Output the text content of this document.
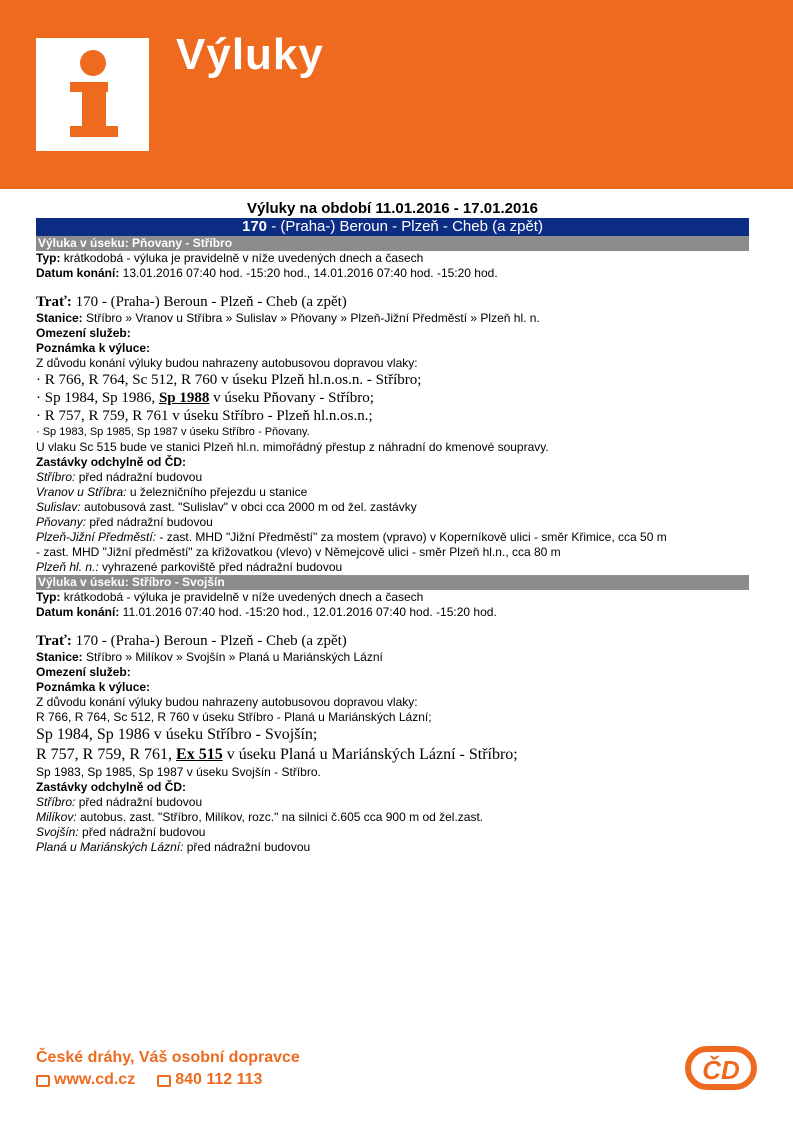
Výluky
Výluky na období 11.01.2016 - 17.01.2016
170 - (Praha-) Beroun - Plzeň - Cheb (a zpět)
Výluka v úseku: Pňovany - Stříbro
Typ: krátkodobá - výluka je pravidelně v níže uvedených dnech a časech
Datum konání: 13.01.2016 07:40 hod. -15:20 hod., 14.01.2016 07:40 hod. -15:20 hod.
Trať: 170 - (Praha-) Beroun - Plzeň - Cheb (a zpět)
Stanice: Stříbro » Vranov u Stříbra » Sulislav » Pňovany » Plzeň-Jižní Předměstí » Plzeň hl. n.
Omezení služeb:
Poznámka k výluce:
Z důvodu konání výluky budou nahrazeny autobusovou dopravou vlaky:
· R 766, R 764, Sc 512, R 760 v úseku Plzeň hl.n.os.n. - Stříbro;
· Sp 1984, Sp 1986, Sp 1988 v úseku Pňovany - Stříbro;
· R 757, R 759, R 761 v úseku Stříbro - Plzeň hl.n.os.n.;
· Sp 1983, Sp 1985, Sp 1987 v úseku Stříbro - Pňovany.
U vlaku Sc 515 bude ve stanici Plzeň hl.n. mimořádný přestup z náhradní do kmenové soupravy.
Zastávky odchylně od ČD:
Stříbro: před nádražní budovou
Vranov u Stříbra: u železničního přejezdu u stanice
Sulislav: autobusová zast. "Sulislav" v obci cca 2000 m od žel. zastávky
Pňovany: před nádražní budovou
Plzeň-Jižní Předměstí: - zast. MHD "Jižní Předměstí" za mostem (vpravo) v Koperníkově ulici - směr Křimice, cca 50 m
- zast. MHD "Jižní předměstí" za křižovatkou (vlevo) v Němejcově ulici - směr Plzeň hl.n., cca 80 m
Plzeň hl. n.: vyhrazené parkoviště před nádražní budovou
Výluka v úseku: Stříbro - Svojšín
Typ: krátkodobá - výluka je pravidelně v níže uvedených dnech a časech
Datum konání: 11.01.2016 07:40 hod. -15:20 hod., 12.01.2016 07:40 hod. -15:20 hod.
Trať: 170 - (Praha-) Beroun - Plzeň - Cheb (a zpět)
Stanice: Stříbro » Milíkov » Svojšín » Planá u Mariánských Lázní
Omezení služeb:
Poznámka k výluce:
Z důvodu konání výluky budou nahrazeny autobusovou dopravou vlaky:
R 766, R 764, Sc 512, R 760 v úseku Stříbro - Planá u Mariánských Lázní;
Sp 1984, Sp 1986 v úseku Stříbro - Svojšín;
R 757, R 759, R 761, Ex 515 v úseku Planá u Mariánských Lázní - Stříbro;
Sp 1983, Sp 1985, Sp 1987 v úseku Svojšín - Stříbro.
Zastávky odchylně od ČD:
Stříbro: před nádražní budovou
Milíkov: autobus. zast. "Stříbro, Milíkov, rozc." na silnici č.605 cca 900 m od žel.zast.
Svojšín: před nádražní budovou
Planá u Mariánských Lázní: před nádražní budovou
České dráhy, Váš osobní dopravce
www.cd.cz	840 112 113	ČD
